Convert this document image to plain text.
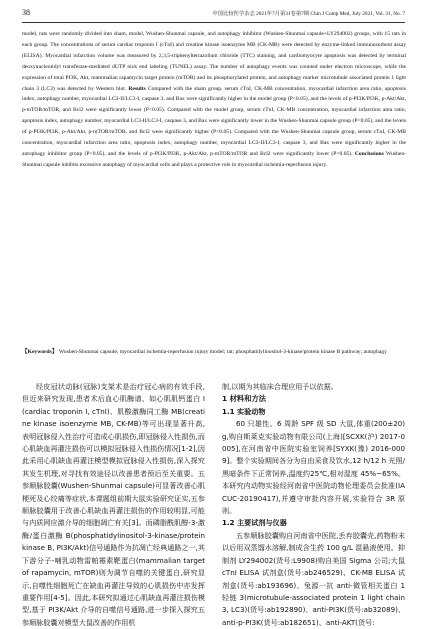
38	中国比较医学杂志 2021年7月第31卷第7期 Chin J Comp Med, July 2021, Vol. 31, No. 7
model, rats were randomly divided into sham, model, Wushen-Shunmai capsule, and autophagy inhibitor (Wushen-Shunmai capsule+LY294002) groups, with 15 rats in each group. The concentrations of serum cardiac troponin I (cTnI) and creatine kinase isoenzyme MB (CK-MB) were detected by enzyme-linked immunosorbent assay (ELISA). Myocardial infarction volume was measured by 2,3,5-triphenyltetrazolium chloride (TTC) staining, and cardiomyocyte apoptosis was detected by terminal deoxynucleotidyl transferase-mediated dUTP nick end labeling (TUNEL) assay. The number of autophagy events was counted under electron microscope, while the expression of total PI3K, Akt, mammalian rapamycin target protein (mTOR) and its phosphorylated protein, and autophagy marker microtubule associated protein 1 light chain 3 (LC3) was detected by Western blot. Results Compared with the sham group, serum cTnI, CK-MB concentration, myocardial infarction area ratio, apoptosis index, autophagy number, myocardial LC3-II/LC3-I, caspase 3, and Bax were significantly higher in the model group (P<0.05), and the levels of p-PI3K/PI3K, p-Akt/Akt, p-mTOR/mTOR, and Bcl2 were significantly lower (P<0.05). Compared with the model group, serum cTnI, CK-MB concentration, myocardial infarction area ratio, apoptosis index, autophagy number, myocardial LC3-II/LC3-I, caspase 3, and Bax were significantly lower in the Wushen-Shunmai capsule group (P<0.05), and the levels of p-PI3K/PI3K, p-Akt/Akt, p-mTOR/mTOR, and Bcl2 were significantly higher (P<0.05). Compared with the Wushen-Shunmai capsule group, serum cTnI, CK-MB concentration, myocardial infarction area ratio, apoptosis index, autophagy number, myocardial LC3-II/LC3-I, caspase 3, and Bax were significantly higher in the autophagy inhibitor group (P<0.05), and the levels of p-PI3K/PI3K, p-Akt/Akt, p-mTOR/mTOR and Bcl2 were significantly lower (P<0.05). Conclusions Wushen-Shunmai capsule inhibits excessive autophagy of myocardial cells and plays a protective role in myocardial ischemia-reperfusion injury.
【Keywords】 Wushen-Shunmai capsule; myocardial ischemia-reperfusion injury model; rat; phosphatidylinositol-3-kinase/protein kinase B pathway; autophagy

经皮冠状动脉(冠脉)支架术是治疗冠心病的有效手段,但近来研究发现,患者术后血心肌酶谱、如心肌肌钙蛋白 I(cardiac troponin I, cTnI)、肌酸激酶同工酶 MB(creatine kinase isoenzyme MB, CK-MB)等可出现显著升高,表明冠脉侵入性治疗可造成心肌损伤,即冠脉侵入性损伤,而心肌缺血再灌注损伤可以模拟冠脉侵入性损伤情况[1-2],因此采用心肌缺血再灌注模型模拟冠脉侵入性损伤,深入探究其发生机理,对寻找有效途径以改善患者预后至关重要。五参顺脉胶囊(Wushen-Shunmai capsule)可显著改善心肌梗死及心绞痛等症状,本课题组前期大鼠实验研究证实,五参顺脉胶囊用于改善心肌缺血再灌注损伤的作用较明显,可能与内质网应激介导的细胞凋亡有关[3]。而磷脂酰肌醇-3-激酶/蛋白激酶 B(phosphatidylinositol-3-kinase/protein kinase B, PI3K/Akt)信号通路作为抗凋亡经典通路之一,其下游分子-哺乳动物雷帕霉素靶蛋白(mammalian target of rapamycin, mTOR)则为调节自噬的关键蛋白,研究显示,自噬性细胞死亡在缺血再灌注导致的心肌损伤中亦发挥重要作用[4-5]。因此,本研究拟通过心肌缺血再灌注损伤模型,基于 PI3K/Akt 介导的自噬信号通路,进一步探入探究五参顺脉胶囊对模型大鼠改善的作用机

制,以期为其临床合理应用予以依据。

1 材料和方法

1.1 实验动物

60 只雄性、6 周龄 SPF 级 SD 大鼠,体重(200±20)g,购自斯莱克实验动物有限公司(上海)[SCXK(沪) 2017-0005],在河南省中医院实验室饲养[SYXK(豫) 2016-0009]。整个实验期间各分为自由采食及饮水,12 h/12 h 光照/黑暗条件下正常饲养,温度约25℃,相对湿度 45%~65%。本研究内动物实验经河南省中医院动物伦理委员会批准(IACUC-20190417),并遵守审批内容开展,实验符合 3R 原则。

1.2 主要试剂与仪器

五参顺脉胶囊购自河南省中医院,丢弃胶囊壳,药物粉末以后用双蒸馏水溶解,制成含生药 100 g/L 混悬液使用。抑制剂 LY294002(货号:L9908)购自美国 Sigma 公司;大鼠 cTnI ELISA 试剂盒(货号:ab246529)、CK-MB ELISA 试剂盒(货号:ab193696)、兔源一抗 anti-微管相关蛋白 1 轻链 3(microtubule-associated protein 1 light chain 3, LC3)(货号:ab192890)、anti-PI3K(货号:ab32089)、anti-p-PI3K(货号:ab182651)、anti-AKT(货号:
